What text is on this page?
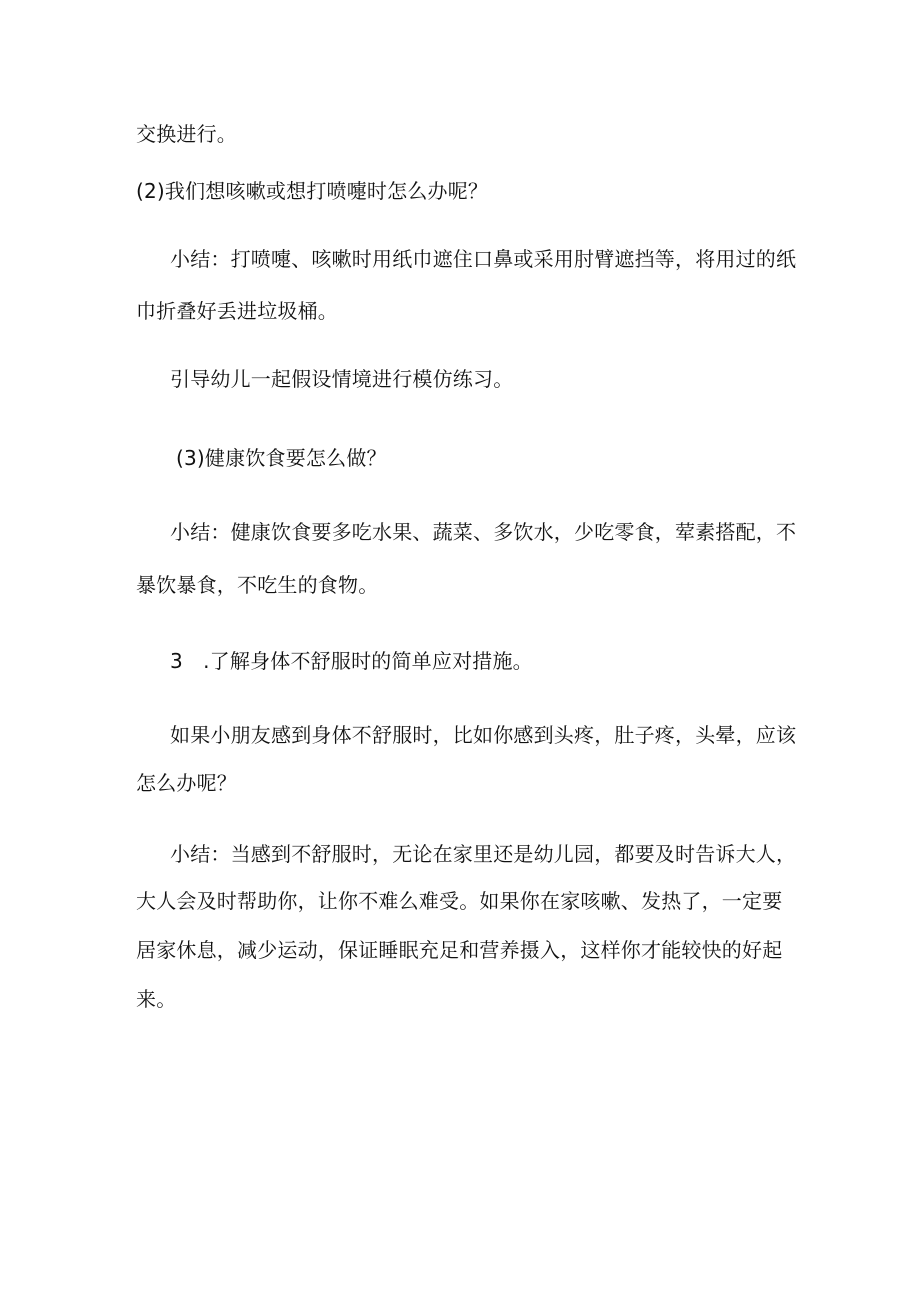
交换进行。
(2)我们想咳嗽或想打喷嚏时怎么办呢？
小结：打喷嚏、咳嗽时用纸巾遮住口鼻或采用肘臂遮挡等，将用过的纸
巾折叠好丢进垃圾桶。
引导幼儿一起假设情境进行模仿练习。
(3)健康饮食要怎么做？
小结：健康饮食要多吃水果、蔬菜、多饮水，少吃零食，荤素搭配，不
暴饮暴食，不吃生的食物。
3　.了解身体不舒服时的简单应对措施。
如果小朋友感到身体不舒服时，比如你感到头疼，肚子疼，头晕，应该
怎么办呢？
小结：当感到不舒服时，无论在家里还是幼儿园，都要及时告诉大人，
大人会及时帮助你，让你不难么难受。如果你在家咳嗽、发热了，一定要
居家休息，减少运动，保证睡眠充足和营养摄入，这样你才能较快的好起
来。
